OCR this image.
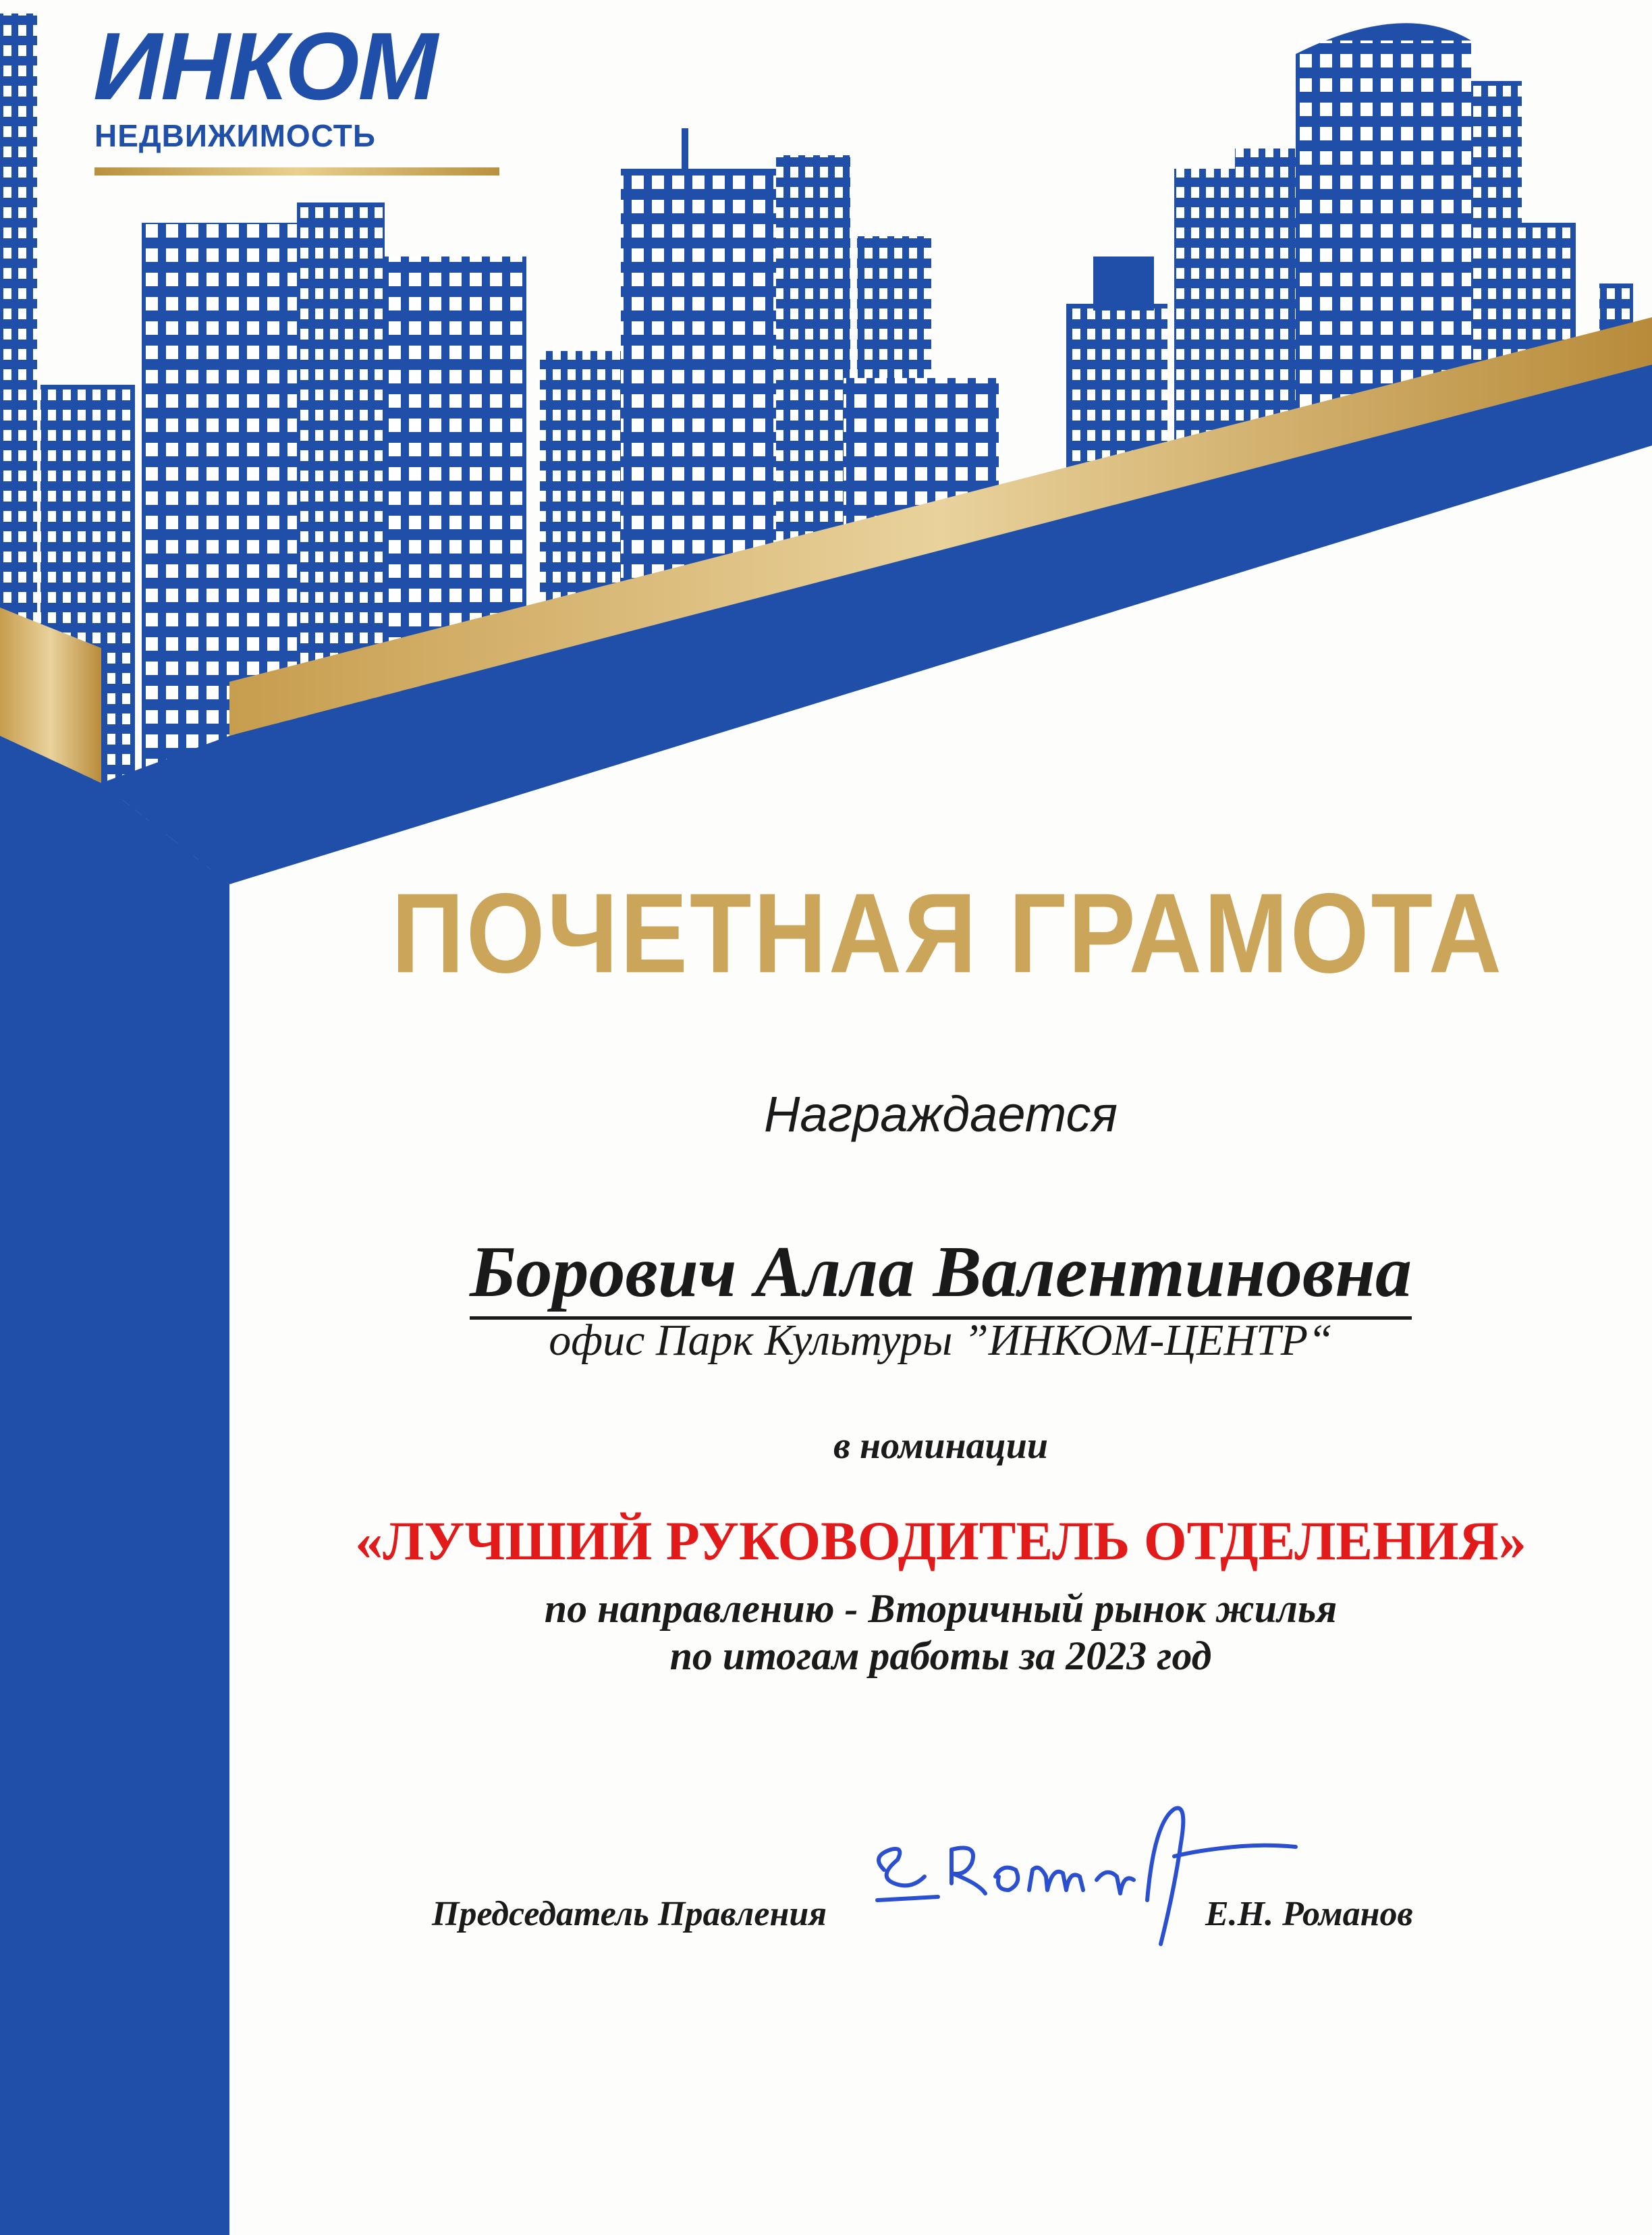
ИНКОМ
НЕДВИЖИМОСТЬ
ПОЧЕТНАЯ ГРАМОТА
Награждается
Борович Алла Валентиновна
офис Парк Культуры ”ИНКОМ-ЦЕНТР“
в номинации
«ЛУЧШИЙ РУКОВОДИТЕЛЬ ОТДЕЛЕНИЯ»
по направлению - Вторичный рынок жилья
по итогам работы за 2023 год
Председатель Правления	Е.Н. Романов
